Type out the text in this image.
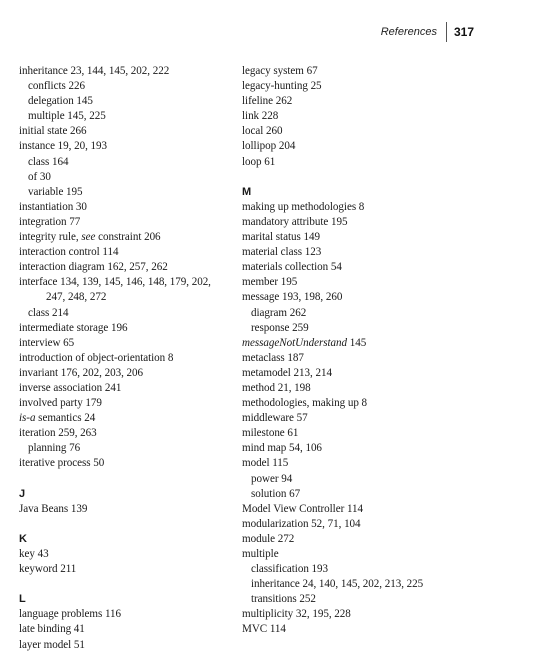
References	317
inheritance 23, 144, 145, 202, 222
conflicts 226
delegation 145
multiple 145, 225
initial state 266
instance 19, 20, 193
class 164
of 30
variable 195
instantiation 30
integration 77
integrity rule, see constraint 206
interaction control 114
interaction diagram 162, 257, 262
interface 134, 139, 145, 146, 148, 179, 202,
247, 248, 272
class 214
intermediate storage 196
interview 65
introduction of object-orientation 8
invariant 176, 202, 203, 206
inverse association 241
involved party 179
is-a semantics 24
iteration 259, 263
planning 76
iterative process 50
J
Java Beans 139
K
key 43
keyword 211
L
language problems 116
late binding 41
layer model 51
legacy system 67
legacy-hunting 25
lifeline 262
link 228
local 260
lollipop 204
loop 61
M
making up methodologies 8
mandatory attribute 195
marital status 149
material class 123
materials collection 54
member 195
message 193, 198, 260
diagram 262
response 259
messageNotUnderstand 145
metaclass 187
metamodel 213, 214
method 21, 198
methodologies, making up 8
middleware 57
milestone 61
mind map 54, 106
model 115
power 94
solution 67
Model View Controller 114
modularization 52, 71, 104
module 272
multiple
classification 193
inheritance 24, 140, 145, 202, 213, 225
transitions 252
multiplicity 32, 195, 228
MVC 114
